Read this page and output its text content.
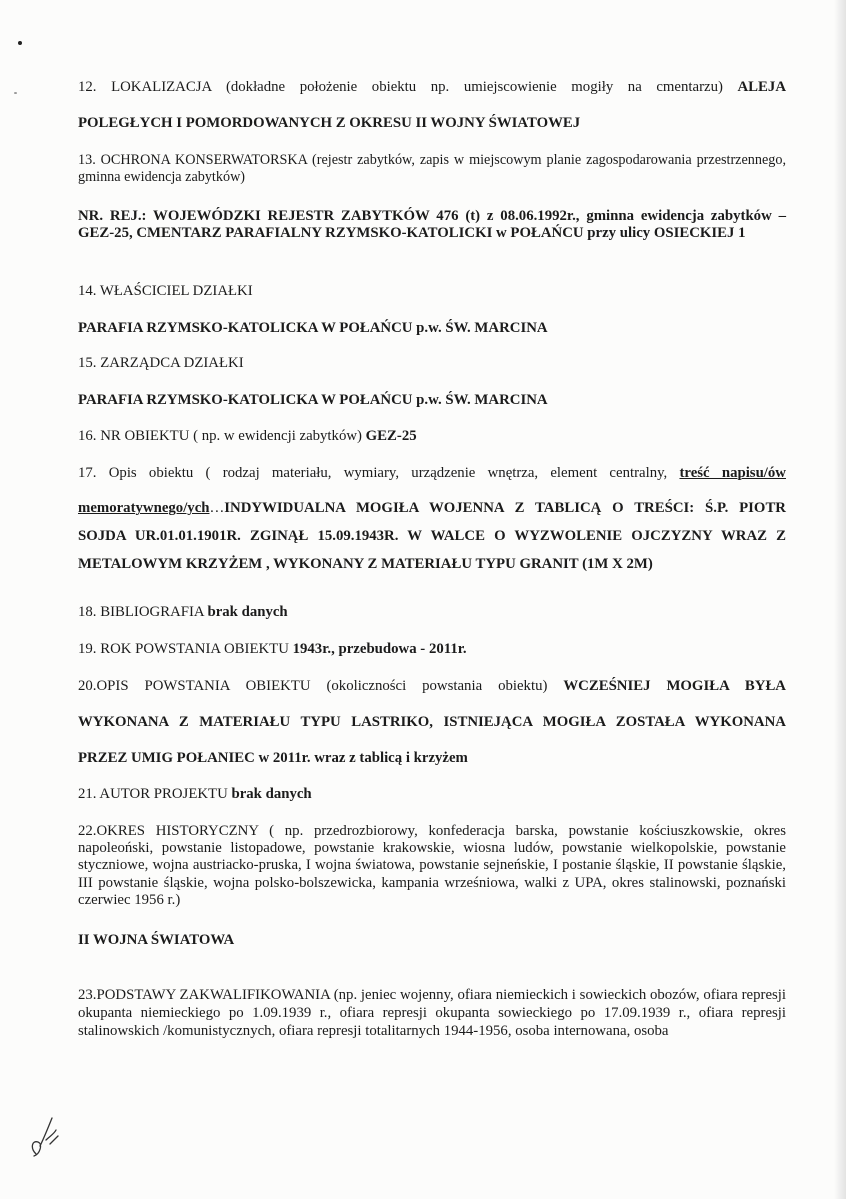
12. LOKALIZACJA (dokładne położenie obiektu np. umiejscowienie mogiły na cmentarzu) ALEJA

POLEGŁYCH I POMORDOWANYCH Z OKRESU II WOJNY ŚWIATOWEJ

13. OCHRONA KONSERWATORSKA (rejestr zabytków, zapis w miejscowym planie zagospodarowania przestrzennego, gminna ewidencja zabytków)

NR. REJ.: WOJEWÓDZKI REJESTR ZABYTKÓW 476 (t) z 08.06.1992r., gminna ewidencja zabytków –

GEZ-25, CMENTARZ PARAFIALNY RZYMSKO-KATOLICKI w POŁAŃCU przy ulicy OSIECKIEJ 1

14. WŁAŚCICIEL DZIAŁKI

PARAFIA RZYMSKO-KATOLICKA W POŁAŃCU p.w. ŚW. MARCINA

15. ZARZĄDCA DZIAŁKI

PARAFIA RZYMSKO-KATOLICKA W POŁAŃCU p.w. ŚW. MARCINA

16. NR OBIEKTU ( np. w ewidencji zabytków) GEZ-25

17. Opis obiektu ( rodzaj materiału, wymiary, urządzenie wnętrza, element centralny, treść napisu/ów

memoratywnego/ych…INDYWIDUALNA MOGIŁA WOJENNA Z TABLICĄ O TREŚCI: Ś.P. PIOTR

SOJDA UR.01.01.1901R. ZGINĄŁ 15.09.1943R. W WALCE O WYZWOLENIE OJCZYZNY WRAZ Z

METALOWYM KRZYŻEM , WYKONANY Z MATERIAŁU TYPU GRANIT (1M X 2M)

18. BIBLIOGRAFIA brak danych

19. ROK POWSTANIA OBIEKTU 1943r., przebudowa - 2011r.

20.OPIS POWSTANIA OBIEKTU (okoliczności powstania obiektu) WCZEŚNIEJ MOGIŁA BYŁA

WYKONANA Z MATERIAŁU TYPU LASTRIKO, ISTNIEJĄCA MOGIŁA ZOSTAŁA WYKONANA

PRZEZ UMIG POŁANIEC w 2011r. wraz z tablicą i krzyżem

21. AUTOR PROJEKTU brak danych

22.OKRES HISTORYCZNY ( np. przedrozbiorowy, konfederacja barska, powstanie kościuszkowskie, okres napoleoński, powstanie listopadowe, powstanie krakowskie, wiosna ludów, powstanie wielkopolskie, powstanie styczniowe, wojna austriacko-pruska, I wojna światowa, powstanie sejneńskie, I postanie śląskie, II powstanie śląskie, III powstanie śląskie, wojna polsko-bolszewicka, kampania wrześniowa, walki z UPA, okres stalinowski, poznański czerwiec 1956 r.)

II WOJNA ŚWIATOWA

23.PODSTAWY ZAKWALIFIKOWANIA (np. jeniec wojenny, ofiara niemieckich i sowieckich obozów, ofiara represji okupanta niemieckiego po 1.09.1939 r., ofiara represji okupanta sowieckiego po 17.09.1939 r., ofiara represji stalinowskich /komunistycznych, ofiara represji totalitarnych 1944-1956, osoba internowana, osoba
